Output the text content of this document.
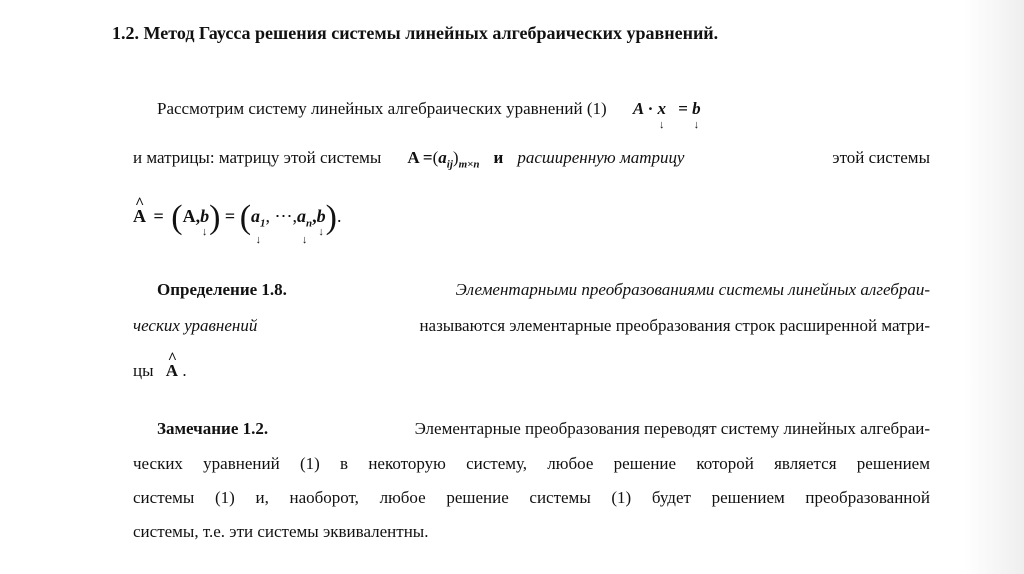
1.2. Метод Гаусса решения системы линейных алгебраических уравнений.
Рассмотрим систему линейных алгебраических уравнений (1) A · x
↓
= b
↓
и матрицы: матрицу этой системы $A =(a_{ij})_{m\times n}$ и расширенную матрицу	этой системы
^ A = (A,b
↓ ) = ($a_1$
↓
, $\cdots,a_n$
↓
,b
↓ ).
Определение 1.8.	Элементарными преобразованиями системы линейных алгебраи-
ческих уравнений	называются элементарные преобразования строк расширенной матри-
цы ^ A .
Замечание 1.2.	Элементарные преобразования переводят систему линейных алгебраи-
ческих уравнений (1) в некоторую систему, любое решение которой является решением
системы (1) и, наоборот, любое решение системы (1) будет решением преобразованной
системы, т.е. эти системы эквивалентны.
